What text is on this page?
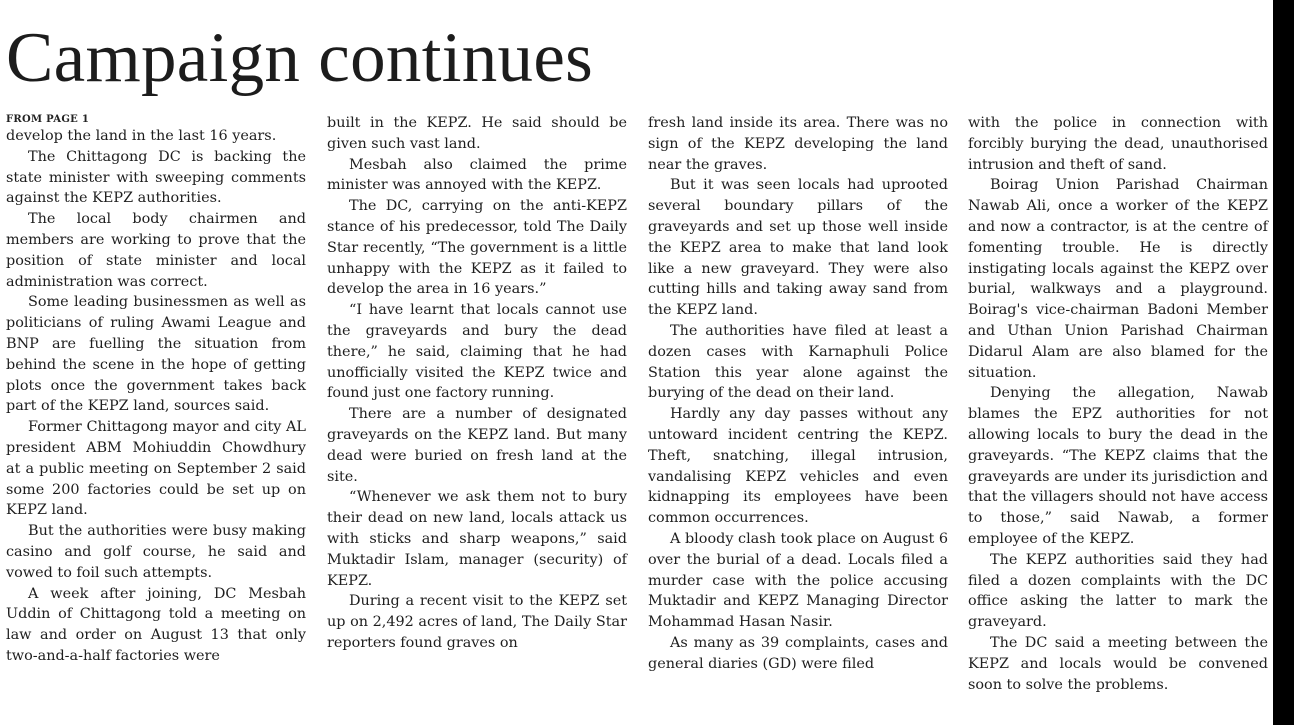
Campaign continues
FROM PAGE 1

develop the land in the last 16 years.

The Chittagong DC is backing the state minister with sweeping comments against the KEPZ authorities.

The local body chairmen and members are working to prove that the position of state minister and local administration was correct.

Some leading businessmen as well as politicians of ruling Awami League and BNP are fuelling the situation from behind the scene in the hope of getting plots once the government takes back part of the KEPZ land, sources said.

Former Chittagong mayor and city AL president ABM Mohiuddin Chowdhury at a public meeting on September 2 said some 200 factories could be set up on KEPZ land.

But the authorities were busy making casino and golf course, he said and vowed to foil such attempts.

A week after joining, DC Mesbah Uddin of Chittagong told a meeting on law and order on August 13 that only two-and-a-half factories were

built in the KEPZ. He said should be given such vast land.

Mesbah also claimed the prime minister was annoyed with the KEPZ.

The DC, carrying on the anti-KEPZ stance of his predecessor, told The Daily Star recently, “The government is a little unhappy with the KEPZ as it failed to develop the area in 16 years.”

“I have learnt that locals cannot use the graveyards and bury the dead there,” he said, claiming that he had unofficially visited the KEPZ twice and found just one factory running.

There are a number of designated graveyards on the KEPZ land. But many dead were buried on fresh land at the site.

“Whenever we ask them not to bury their dead on new land, locals attack us with sticks and sharp weapons,” said Muktadir Islam, manager (security) of KEPZ.

During a recent visit to the KEPZ set up on 2,492 acres of land, The Daily Star reporters found graves on

fresh land inside its area. There was no sign of the KEPZ developing the land near the graves.

But it was seen locals had uprooted several boundary pillars of the graveyards and set up those well inside the KEPZ area to make that land look like a new graveyard. They were also cutting hills and taking away sand from the KEPZ land.

The authorities have filed at least a dozen cases with Karnaphuli Police Station this year alone against the burying of the dead on their land.

Hardly any day passes without any untoward incident centring the KEPZ. Theft, snatching, illegal intrusion, vandalising KEPZ vehicles and even kidnapping its employees have been common occurrences.

A bloody clash took place on August 6 over the burial of a dead. Locals filed a murder case with the police accusing Muktadir and KEPZ Managing Director Mohammad Hasan Nasir.

As many as 39 complaints, cases and general diaries (GD) were filed

with the police in connection with forcibly burying the dead, unauthorised intrusion and theft of sand.

Boirag Union Parishad Chairman Nawab Ali, once a worker of the KEPZ and now a contractor, is at the centre of fomenting trouble. He is directly instigating locals against the KEPZ over burial, walkways and a playground. Boirag's vice-chairman Badoni Member and Uthan Union Parishad Chairman Didarul Alam are also blamed for the situation.

Denying the allegation, Nawab blames the EPZ authorities for not allowing locals to bury the dead in the graveyards. “The KEPZ claims that the graveyards are under its jurisdiction and that the villagers should not have access to those,” said Nawab, a former employee of the KEPZ.

The KEPZ authorities said they had filed a dozen complaints with the DC office asking the latter to mark the graveyard.

The DC said a meeting between the KEPZ and locals would be convened soon to solve the problems.
